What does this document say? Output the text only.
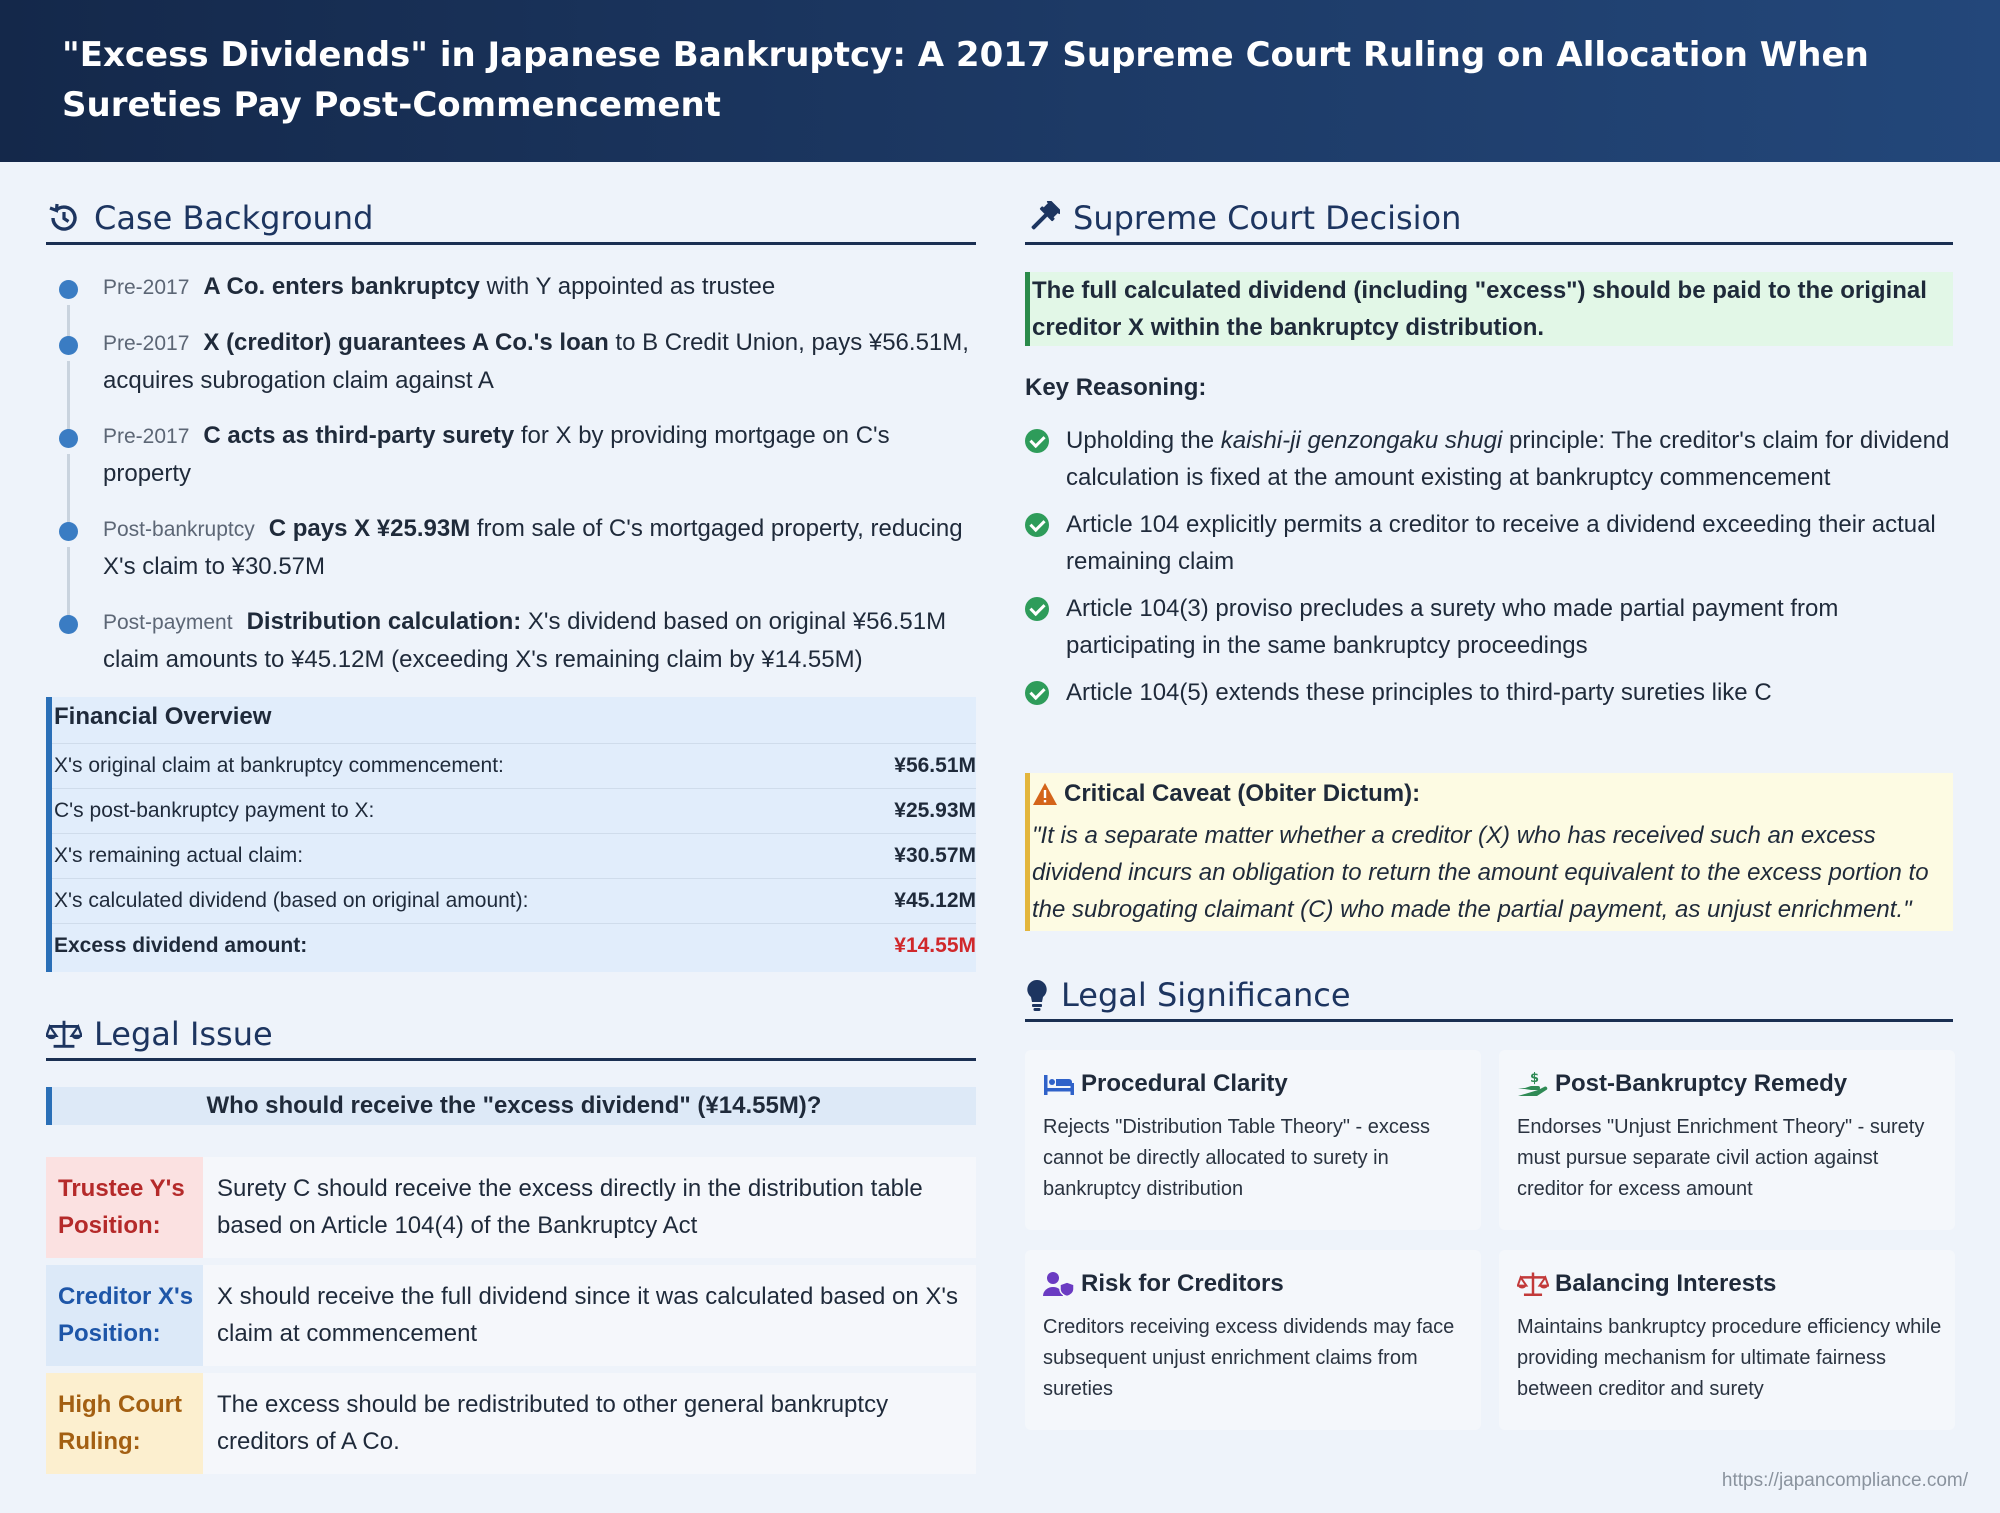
"Excess Dividends" in Japanese Bankruptcy: A 2017 Supreme Court Ruling on Allocation When Sureties Pay Post-Commencement
Case Background
Pre-2017 A Co. enters bankruptcy with Y appointed as trustee
Pre-2017 X (creditor) guarantees A Co.'s loan to B Credit Union, pays ¥56.51M, acquires subrogation claim against A
Pre-2017 C acts as third-party surety for X by providing mortgage on C's property
Post-bankruptcy C pays X ¥25.93M from sale of C's mortgaged property, reducing X's claim to ¥30.57M
Post-payment Distribution calculation: X's dividend based on original ¥56.51M claim amounts to ¥45.12M (exceeding X's remaining claim by ¥14.55M)
Financial Overview
X's original claim at bankruptcy commencement:	¥56.51M
C's post-bankruptcy payment to X:	¥25.93M
X's remaining actual claim:	¥30.57M
X's calculated dividend (based on original amount):	¥45.12M
Excess dividend amount:	¥14.55M
Legal Issue
Who should receive the "excess dividend" (¥14.55M)?
Trustee Y's Position:
Surety C should receive the excess directly in the distribution table based on Article 104(4) of the Bankruptcy Act
Creditor X's Position:
X should receive the full dividend since it was calculated based on X's claim at commencement
High Court Ruling:
The excess should be redistributed to other general bankruptcy creditors of A Co.
Supreme Court Decision
The full calculated dividend (including "excess") should be paid to the original creditor X within the bankruptcy distribution.
Key Reasoning:
Upholding the kaishi-ji genzongaku shugi principle: The creditor's claim for dividend calculation is fixed at the amount existing at bankruptcy commencement
Article 104 explicitly permits a creditor to receive a dividend exceeding their actual remaining claim
Article 104(3) proviso precludes a surety who made partial payment from participating in the same bankruptcy proceedings
Article 104(5) extends these principles to third-party sureties like C
Critical Caveat (Obiter Dictum):
"It is a separate matter whether a creditor (X) who has received such an excess dividend incurs an obligation to return the amount equivalent to the excess portion to the subrogating claimant (C) who made the partial payment, as unjust enrichment."
Legal Significance
Procedural Clarity
Rejects "Distribution Table Theory" - excess cannot be directly allocated to surety in bankruptcy distribution
$ Post-Bankruptcy Remedy
Endorses "Unjust Enrichment Theory" - surety must pursue separate civil action against creditor for excess amount
Risk for Creditors
Creditors receiving excess dividends may face subsequent unjust enrichment claims from sureties
Balancing Interests
Maintains bankruptcy procedure efficiency while providing mechanism for ultimate fairness between creditor and surety
https://japancompliance.com/
